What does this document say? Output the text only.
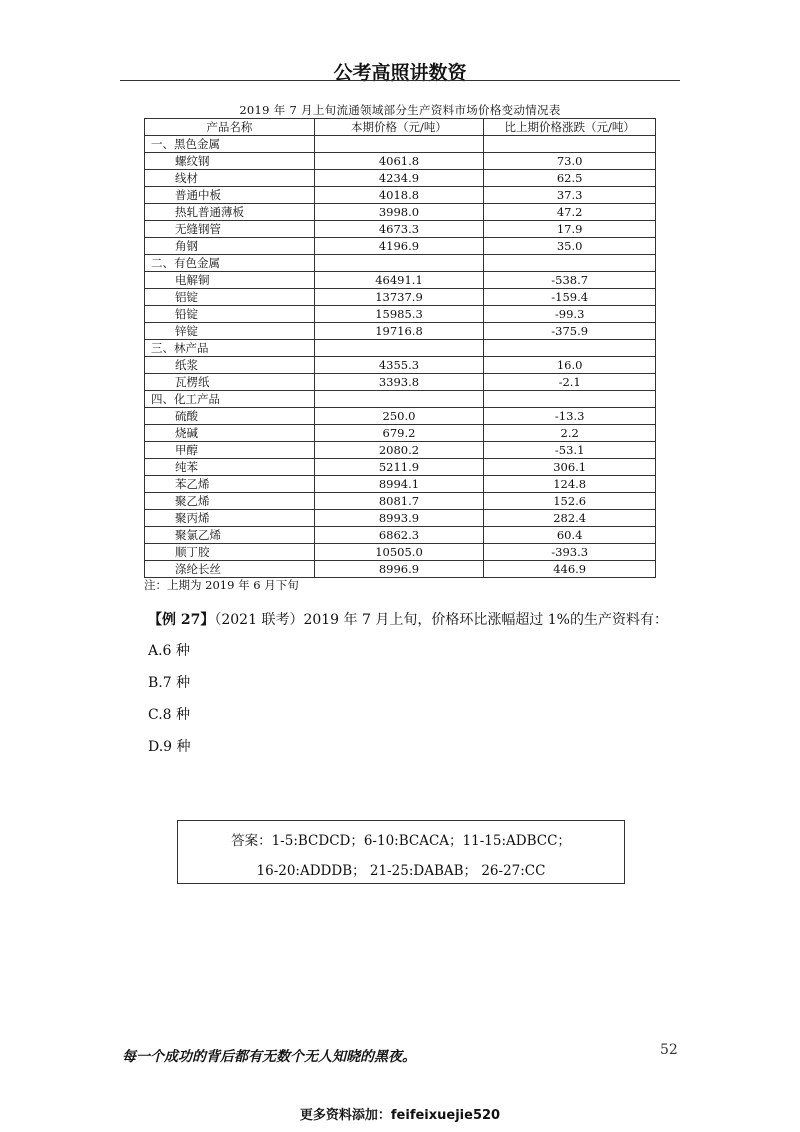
公考高照讲数资
2019 年 7 月上旬流通领域部分生产资料市场价格变动情况表
产品名称	本期价格（元/吨）	比上期价格涨跌（元/吨）
一、黑色金属		
螺纹钢	4061.8	73.0
线材	4234.9	62.5
普通中板	4018.8	37.3
热轧普通薄板	3998.0	47.2
无缝钢管	4673.3	17.9
角钢	4196.9	35.0
二、有色金属		
电解铜	46491.1	-538.7
铝锭	13737.9	-159.4
铅锭	15985.3	-99.3
锌锭	19716.8	-375.9
三、林产品		
纸浆	4355.3	16.0
瓦楞纸	3393.8	-2.1
四、化工产品		
硫酸	250.0	-13.3
烧碱	679.2	2.2
甲醇	2080.2	-53.1
纯苯	5211.9	306.1
苯乙烯	8994.1	124.8
聚乙烯	8081.7	152.6
聚丙烯	8993.9	282.4
聚氯乙烯	6862.3	60.4
顺丁胶	10505.0	-393.3
涤纶长丝	8996.9	446.9
注：上期为 2019 年 6 月下旬
【例 27】（2021 联考）2019 年 7 月上旬，价格环比涨幅超过 1%的生产资料有：
A.6 种
B.7 种
C.8 种
D.9 种
答案：1-5:BCDCD；6-10:BCACA；11-15:ADBCC；
16-20:ADDDB； 21-25:DABAB； 26-27:CC
每一个成功的背后都有无数个无人知晓的黑夜。	52
更多资料添加：feifeixuejie520
